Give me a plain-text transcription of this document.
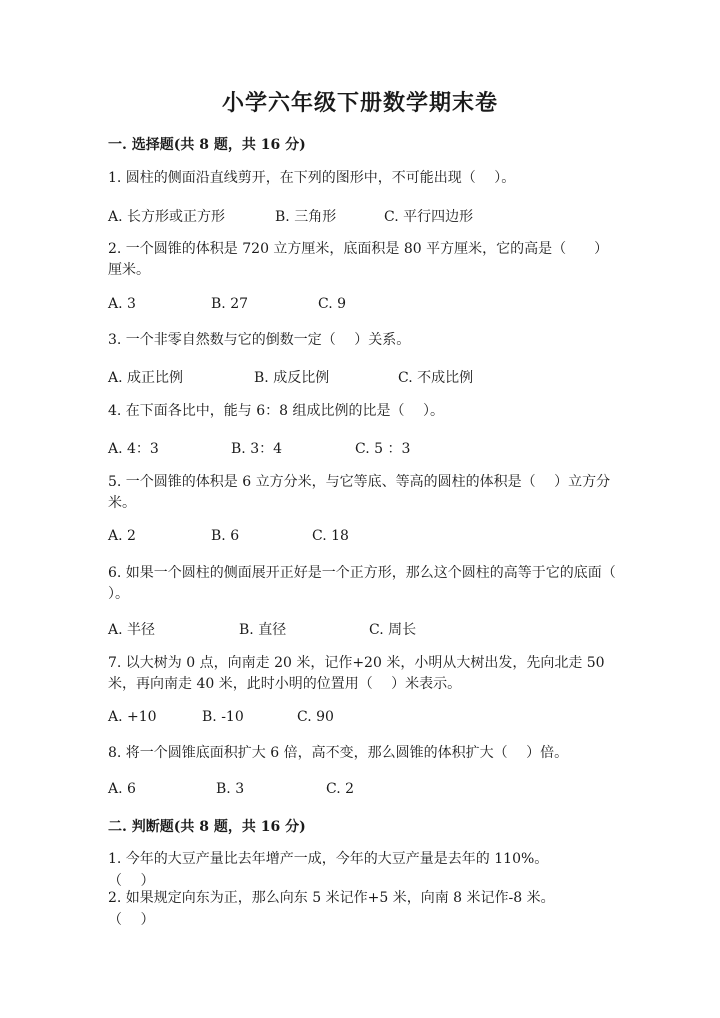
小学六年级下册数学期末卷
一. 选择题(共 8 题，共 16 分)
1. 圆柱的侧面沿直线剪开，在下列的图形中，不可能出现（　 ）。
A. 长方形或正方形	B. 三角形	C. 平行四边形
2. 一个圆锥的体积是 720 立方厘米，底面积是 80 平方厘米，它的高是（　　）厘米。
A. 3	B. 27	C. 9
3. 一个非零自然数与它的倒数一定（　 ）关系。
A. 成正比例	B. 成反比例	C. 不成比例
4. 在下面各比中，能与 6：8 组成比例的比是（　 ）。
A. 4：3	B. 3：4	C. 5 ：3
5. 一个圆锥的体积是 6 立方分米，与它等底、等高的圆柱的体积是（　 ）立方分米。
A. 2	B. 6	C. 18
6. 如果一个圆柱的侧面展开正好是一个正方形，那么这个圆柱的高等于它的底面（　 ）。
A. 半径	B. 直径	C. 周长
7. 以大树为 0 点，向南走 20 米，记作+20 米，小明从大树出发，先向北走 50 米，再向南走 40 米，此时小明的位置用（　 ）米表示。
A. +10	B. -10	C. 90
8. 将一个圆锥底面积扩大 6 倍，高不变，那么圆锥的体积扩大（　 ）倍。
A. 6	B. 3	C. 2
二. 判断题(共 8 题，共 16 分)
1. 今年的大豆产量比去年增产一成，今年的大豆产量是去年的 110%。
（　 ）
2. 如果规定向东为正，那么向东 5 米记作+5 米，向南 8 米记作-8 米。
（　 ）
